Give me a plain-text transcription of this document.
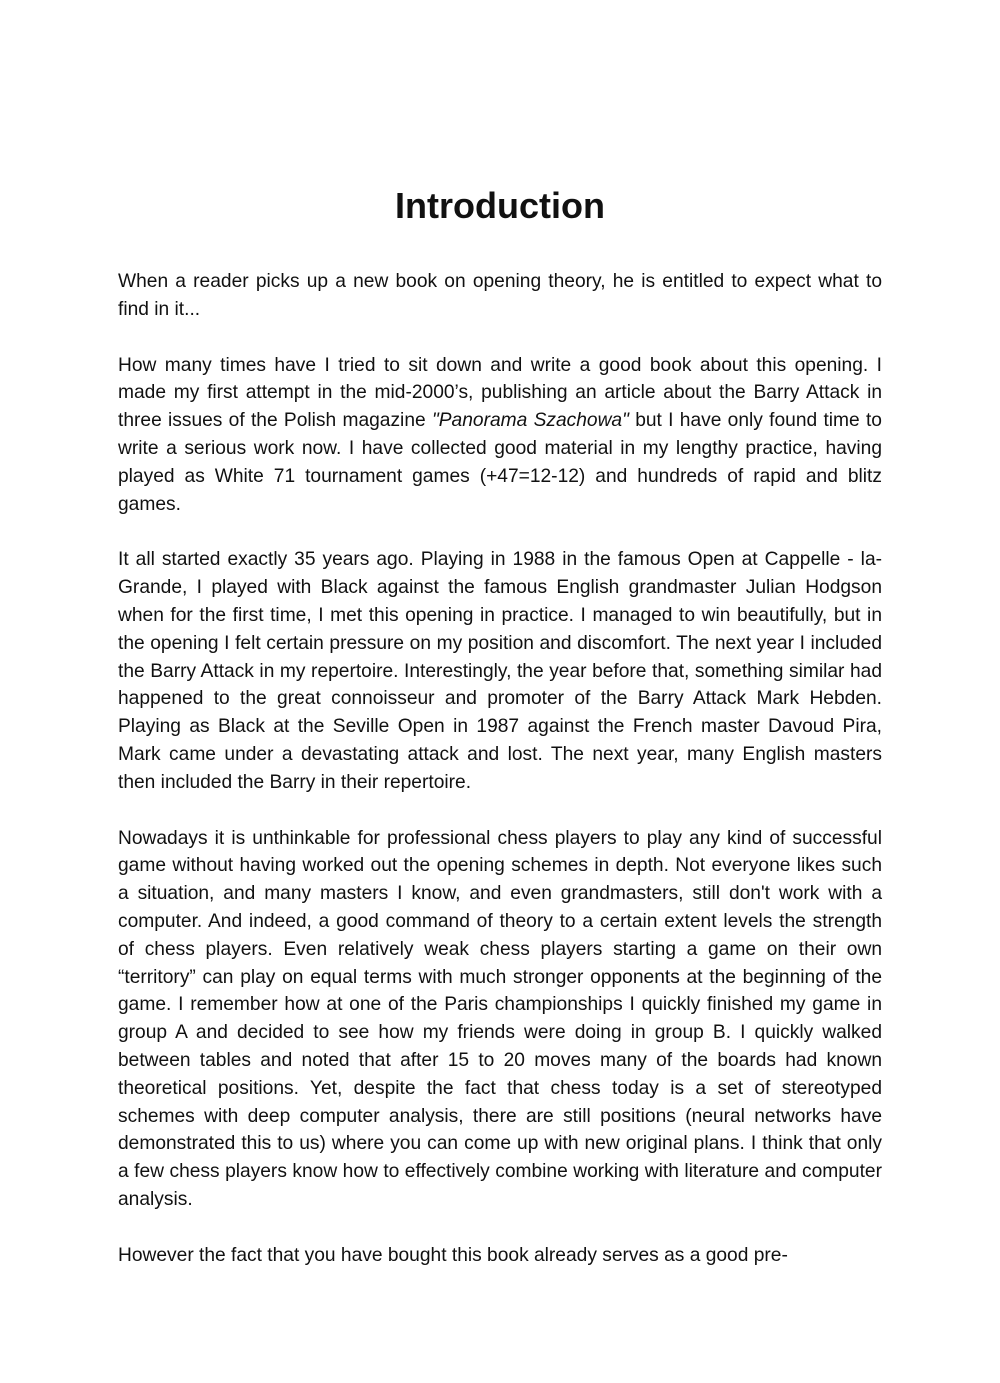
Introduction

When a reader picks up a new book on opening theory, he is entitled to expect what to find in it...

How many times have I tried to sit down and write a good book about this opening. I made my first attempt in the mid-2000’s, publishing an article about the Barry Attack in three issues of the Polish magazine "Panorama Szachowa" but I have only found time to write a serious work now. I have collected good material in my lengthy practice, having played as White 71 tournament games (+47=12-12) and hundreds of rapid and blitz games.

It all started exactly 35 years ago. Playing in 1988 in the famous Open at Cappelle - la-Grande, I played with Black against the famous English grandmaster Julian Hodgson when for the first time, I met this opening in practice. I managed to win beautifully, but in the opening I felt certain pressure on my position and discomfort. The next year I included the Barry Attack in my repertoire. Interestingly, the year before that, something similar had happened to the great connoisseur and promoter of the Barry Attack Mark Hebden. Playing as Black at the Seville Open in 1987 against the French master Davoud Pira, Mark came under a devastating attack and lost. The next year, many English masters then included the Barry in their repertoire.

Nowadays it is unthinkable for professional chess players to play any kind of successful game without having worked out the opening schemes in depth. Not everyone likes such a situation, and many masters I know, and even grandmasters, still don't work with a computer. And indeed, a good command of theory to a certain extent levels the strength of chess players. Even relatively weak chess players starting a game on their own “territory” can play on equal terms with much stronger opponents at the beginning of the game. I remember how at one of the Paris championships I quickly finished my game in group A and decided to see how my friends were doing in group B. I quickly walked between tables and noted that after 15 to 20 moves many of the boards had known theoretical positions. Yet, despite the fact that chess today is a set of stereotyped schemes with deep computer analysis, there are still positions (neural networks have demonstrated this to us) where you can come up with new original plans. I think that only a few chess players know how to effectively combine working with literature and computer analysis.

However the fact that you have bought this book already serves as a good pre-
